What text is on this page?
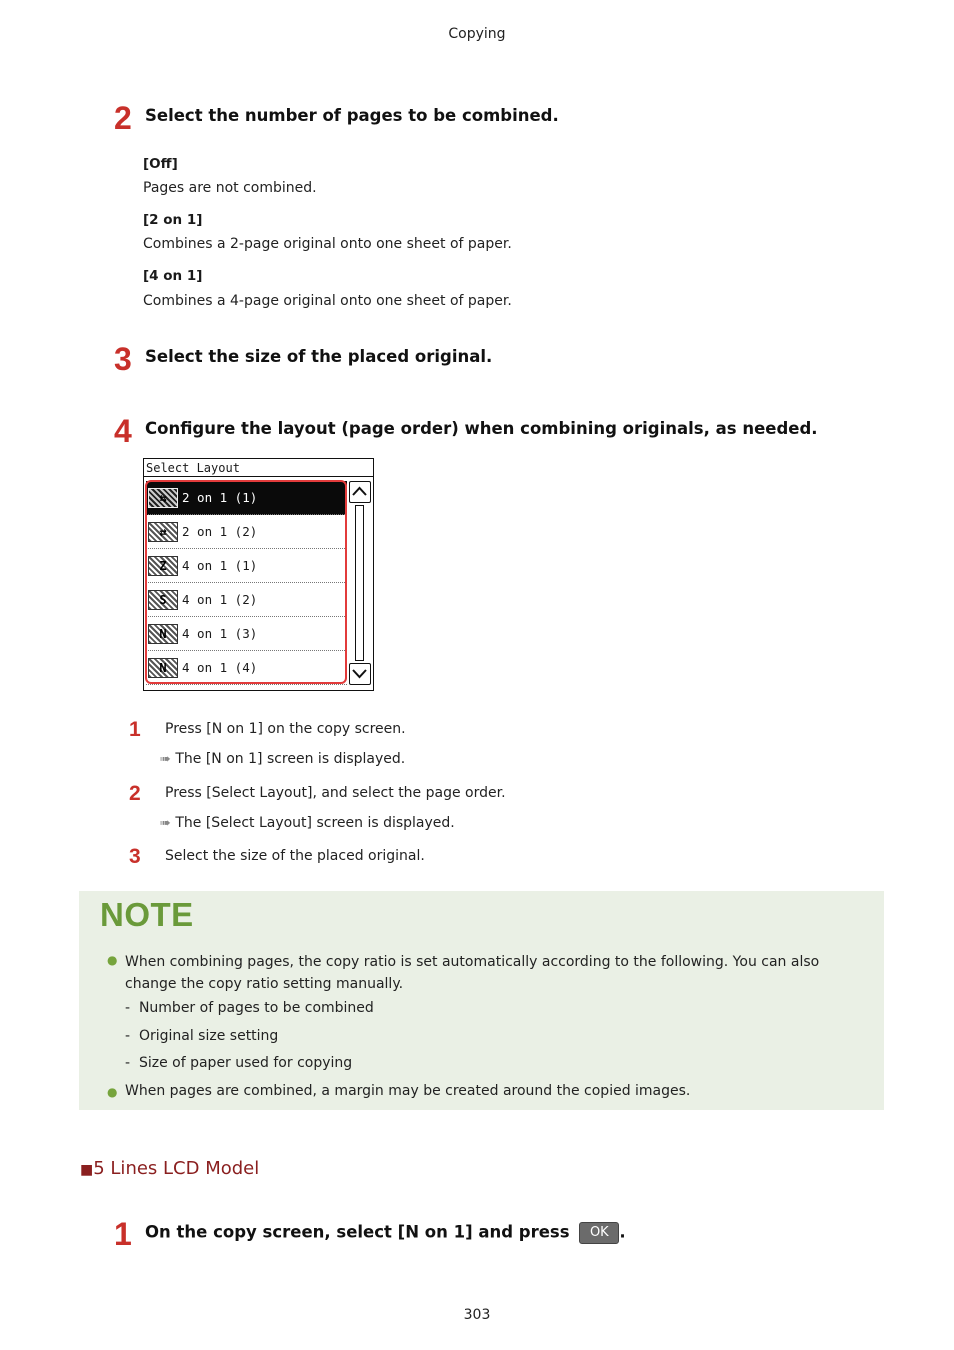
Copying
2 Select the number of pages to be combined.
[Off]
Pages are not combined.
[2 on 1]
Combines a 2-page original onto one sheet of paper.
[4 on 1]
Combines a 4-page original onto one sheet of paper.
3 Select the size of the placed original.
4 Configure the layout (page order) when combining originals, as needed.
Select Layout
⇆	2 on 1 (1)
⇄	2 on 1 (2)
Z	4 on 1 (1)
S	4 on 1 (2)
N	4 on 1 (3)
N	4 on 1 (4)
1 Press [N on 1] on the copy screen.
➠ The [N on 1] screen is displayed.
2 Press [Select Layout], and select the page order.
➠ The [Select Layout] screen is displayed.
3 Select the size of the placed original.
NOTE
● When combining pages, the copy ratio is set automatically according to the following. You can also change the copy ratio setting manually.
-  Number of pages to be combined
-  Original size setting
-  Size of paper used for copying
● When pages are combined, a margin may be created around the copied images.
■5 Lines LCD Model
1 On the copy screen, select [N on 1] and press OK .
303
